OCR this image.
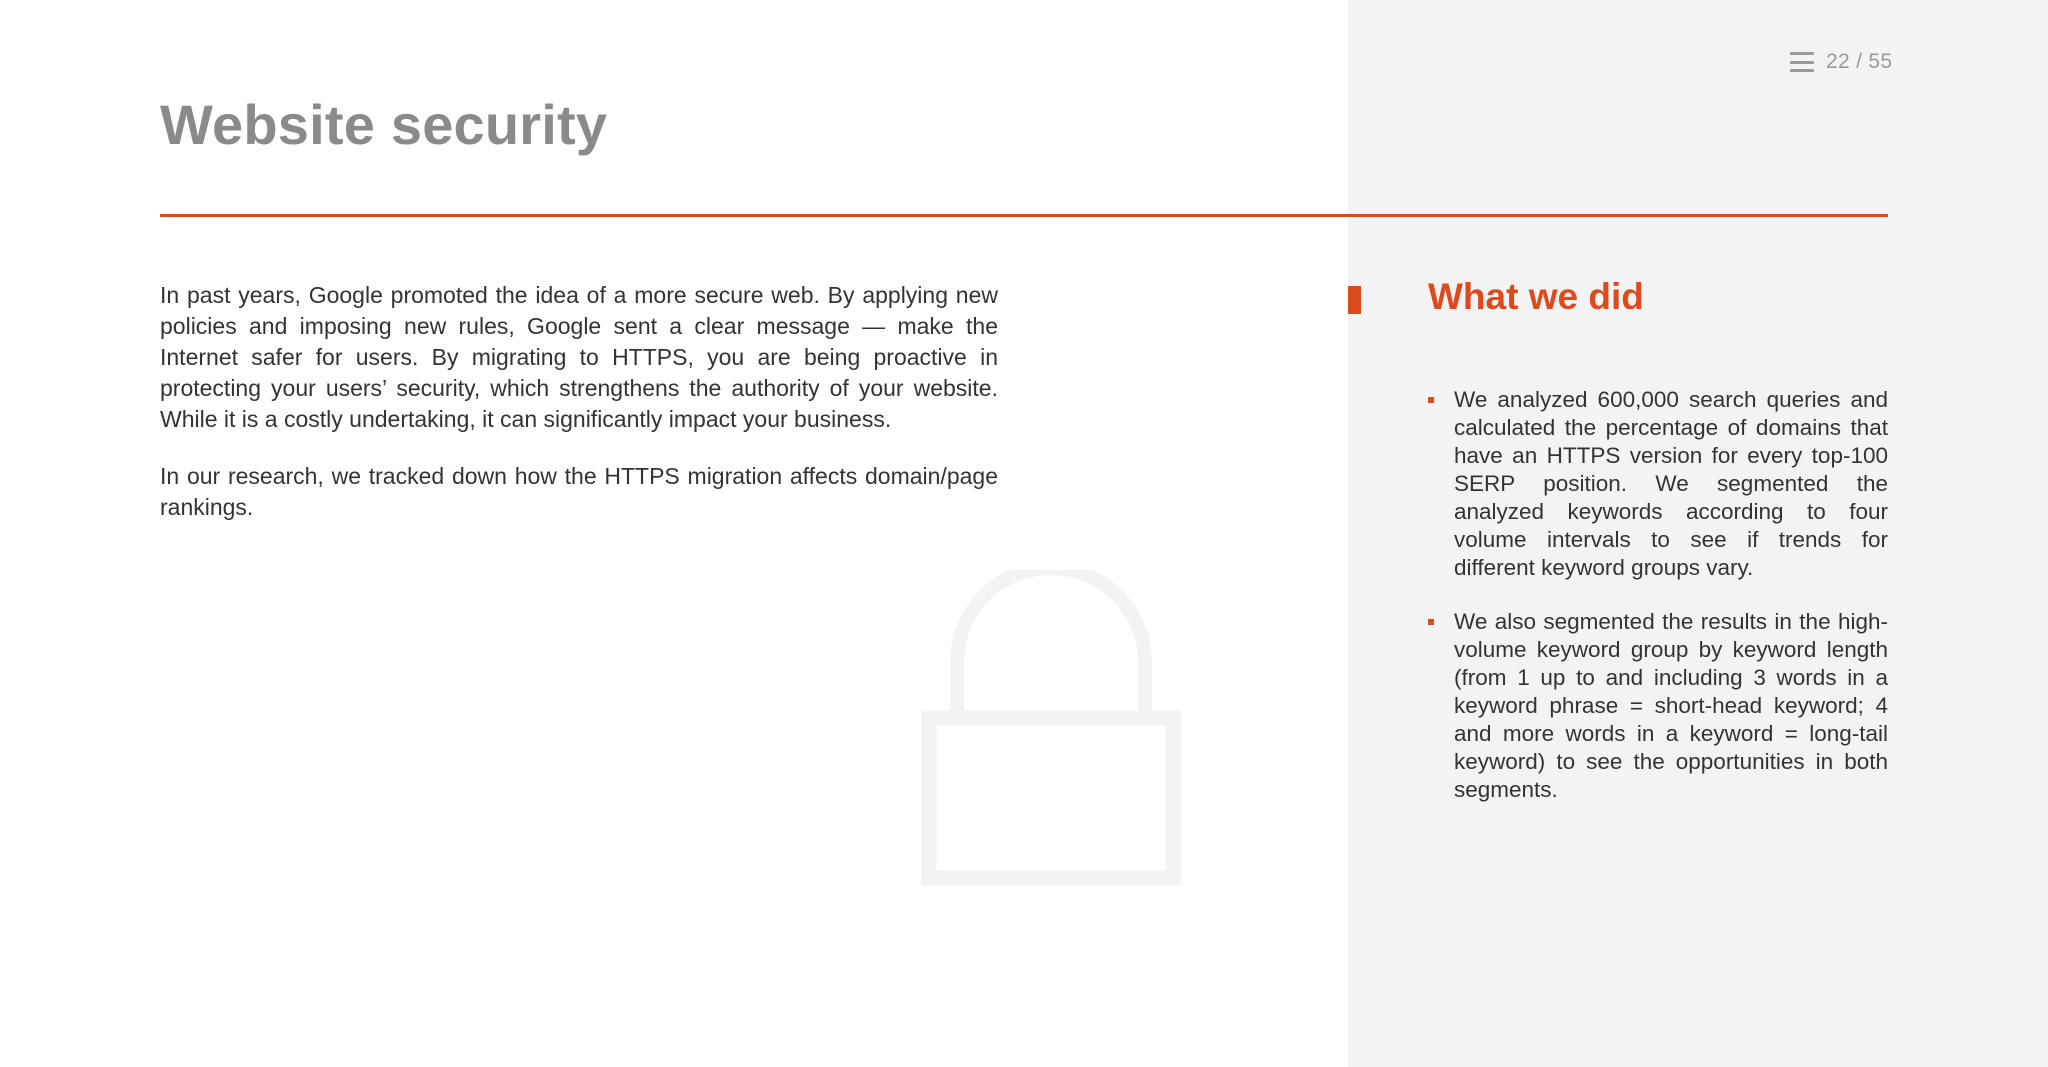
22 / 55
Website security

In past years, Google promoted the idea of a more secure web. By applying new policies and imposing new rules, Google sent a clear message — make the Internet safer for users. By migrating to HTTPS, you are being proactive in protecting your users’ security, which strengthens the authority of your website. While it is a costly undertaking, it can significantly impact your business.

In our research, we tracked down how the HTTPS migration affects domain/page rankings.

What we did
We analyzed 600,000 search queries and calculated the percentage of domains that have an HTTPS version for every top-100 SERP position. We segmented the analyzed keywords according to four volume intervals to see if trends for different keyword groups vary.
We also segmented the results in the high-volume keyword group by keyword length (from 1 up to and including 3 words in a keyword phrase = short-head keyword; 4 and more words in a keyword = long-tail keyword) to see the opportunities in both segments.
